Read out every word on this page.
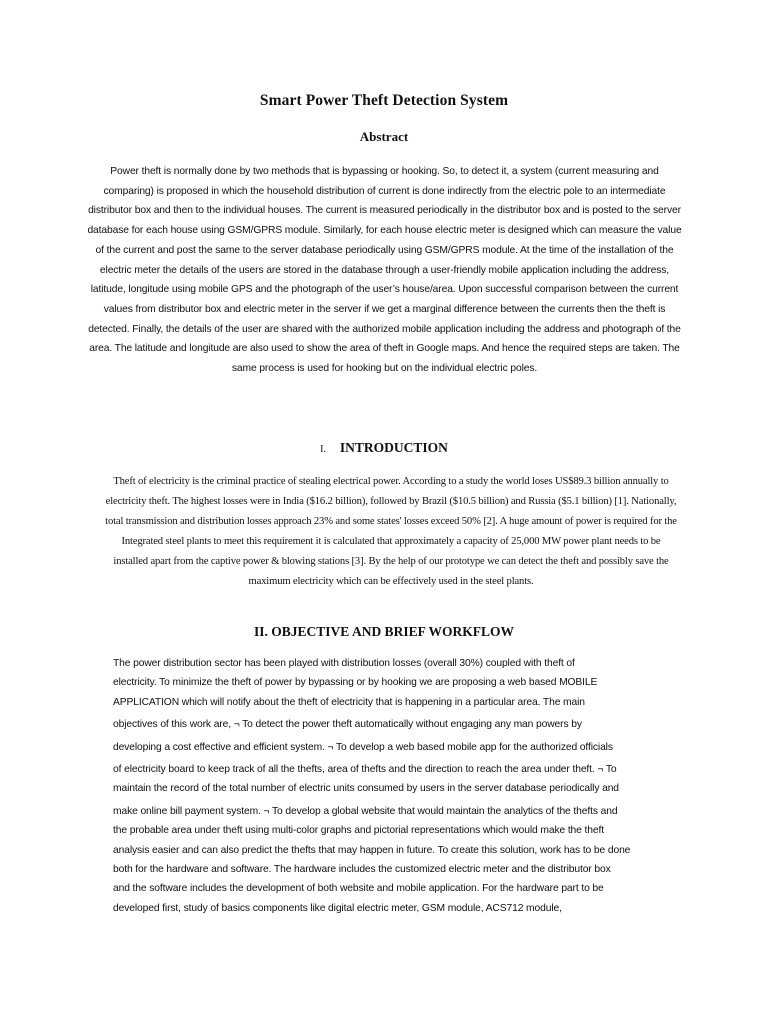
Smart Power Theft Detection System
Abstract
Power theft is normally done by two methods that is bypassing or hooking. So, to detect it, a system (current measuring and comparing) is proposed in which the household distribution of current is done indirectly from the electric pole to an intermediate distributor box and then to the individual houses. The current is measured periodically in the distributor box and is posted to the server database for each house using GSM/GPRS module. Similarly, for each house electric meter is designed which can measure the value of the current and post the same to the server database periodically using GSM/GPRS module. At the time of the installation of the electric meter the details of the users are stored in the database through a user-friendly mobile application including the address, latitude, longitude using mobile GPS and the photograph of the user’s house/area. Upon successful comparison between the current values from distributor box and electric meter in the server if we get a marginal difference between the currents then the theft is detected. Finally, the details of the user are shared with the authorized mobile application including the address and photograph of the area. The latitude and longitude are also used to show the area of theft in Google maps. And hence the required steps are taken. The same process is used for hooking but on the individual electric poles.
I. INTRODUCTION
Theft of electricity is the criminal practice of stealing electrical power. According to a study the world loses US$89.3 billion annually to electricity theft. The highest losses were in India ($16.2 billion), followed by Brazil ($10.5 billion) and Russia ($5.1 billion) [1]. Nationally, total transmission and distribution losses approach 23% and some states' losses exceed 50% [2]. A huge amount of power is required for the Integrated steel plants to meet this requirement it is calculated that approximately a capacity of 25,000 MW power plant needs to be installed apart from the captive power & blowing stations [3]. By the help of our prototype we can detect the theft and possibly save the maximum electricity which can be effectively used in the steel plants.
II. OBJECTIVE AND BRIEF WORKFLOW
The power distribution sector has been played with distribution losses (overall 30%) coupled with theft of
electricity. To minimize the theft of power by bypassing or by hooking we are proposing a web based MOBILE
APPLICATION which will notify about the theft of electricity that is happening in a particular area. The main
objectives of this work are, ¬ To detect the power theft automatically without engaging any man powers by
developing a cost effective and efficient system. ¬ To develop a web based mobile app for the authorized officials
of electricity board to keep track of all the thefts, area of thefts and the direction to reach the area under theft. ¬ To
maintain the record of the total number of electric units consumed by users in the server database periodically and
make online bill payment system. ¬ To develop a global website that would maintain the analytics of the thefts and
the probable area under theft using multi-color graphs and pictorial representations which would make the theft
analysis easier and can also predict the thefts that may happen in future. To create this solution, work has to be done
both for the hardware and software. The hardware includes the customized electric meter and the distributor box
and the software includes the development of both website and mobile application. For the hardware part to be
developed first, study of basics components like digital electric meter, GSM module, ACS712 module,
